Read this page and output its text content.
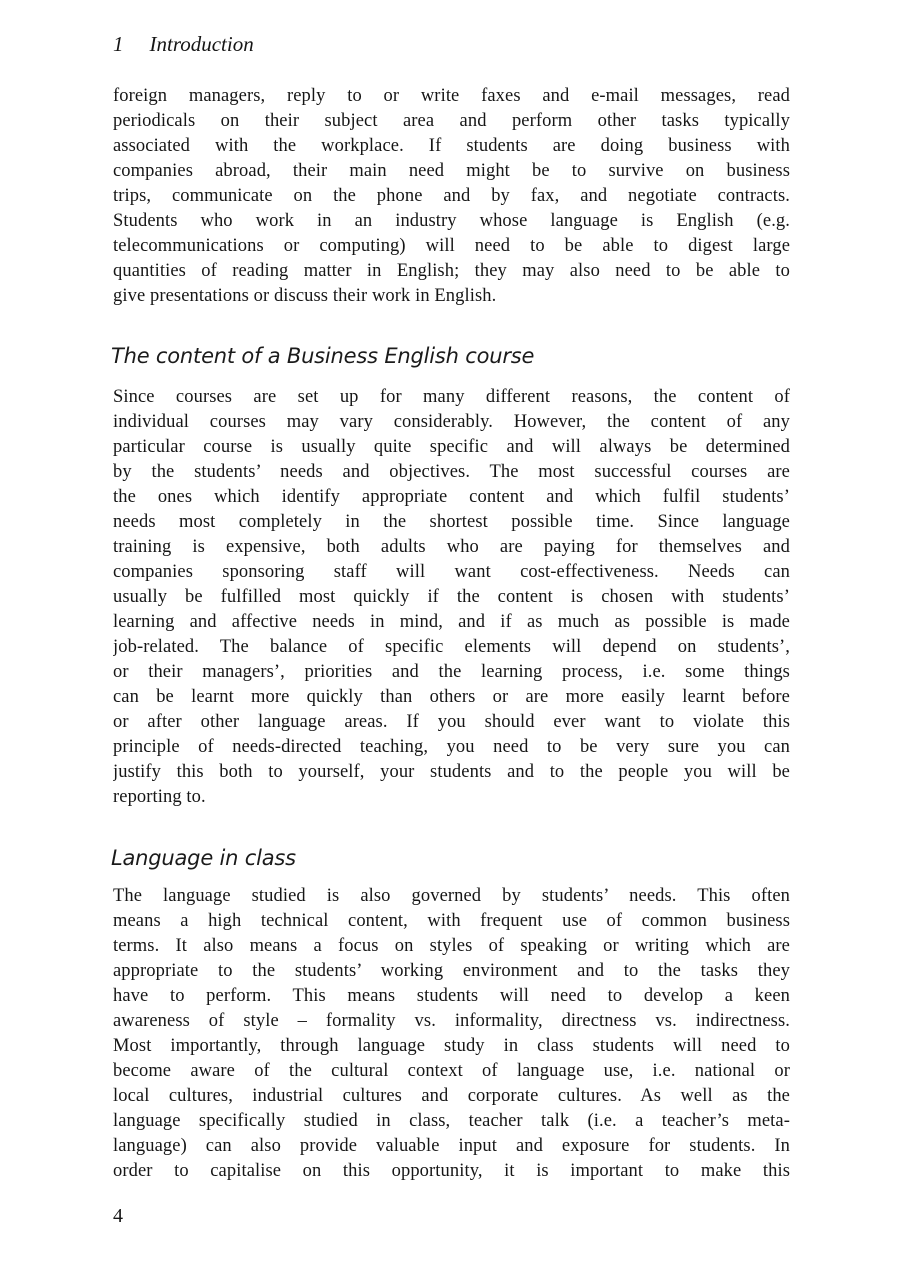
1 Introduction
foreign managers, reply to or write faxes and e-mail messages, read
periodicals on their subject area and perform other tasks typically
associated with the workplace. If students are doing business with
companies abroad, their main need might be to survive on business
trips, communicate on the phone and by fax, and negotiate contracts.
Students who work in an industry whose language is English (e.g.
telecommunications or computing) will need to be able to digest large
quantities of reading matter in English; they may also need to be able to
give presentations or discuss their work in English.
The content of a Business English course
Since courses are set up for many different reasons, the content of
individual courses may vary considerably. However, the content of any
particular course is usually quite specific and will always be determined
by the students’ needs and objectives. The most successful courses are
the ones which identify appropriate content and which fulfil students’
needs most completely in the shortest possible time. Since language
training is expensive, both adults who are paying for themselves and
companies sponsoring staff will want cost-effectiveness. Needs can
usually be fulfilled most quickly if the content is chosen with students’
learning and affective needs in mind, and if as much as possible is made
job-related. The balance of specific elements will depend on students’,
or their managers’, priorities and the learning process, i.e. some things
can be learnt more quickly than others or are more easily learnt before
or after other language areas. If you should ever want to violate this
principle of needs-directed teaching, you need to be very sure you can
justify this both to yourself, your students and to the people you will be
reporting to.
Language in class
The language studied is also governed by students’ needs. This often
means a high technical content, with frequent use of common business
terms. It also means a focus on styles of speaking or writing which are
appropriate to the students’ working environment and to the tasks they
have to perform. This means students will need to develop a keen
awareness of style – formality vs. informality, directness vs. indirectness.
Most importantly, through language study in class students will need to
become aware of the cultural context of language use, i.e. national or
local cultures, industrial cultures and corporate cultures. As well as the
language specifically studied in class, teacher talk (i.e. a teacher’s meta-
language) can also provide valuable input and exposure for students. In
order to capitalise on this opportunity, it is important to make this
4
